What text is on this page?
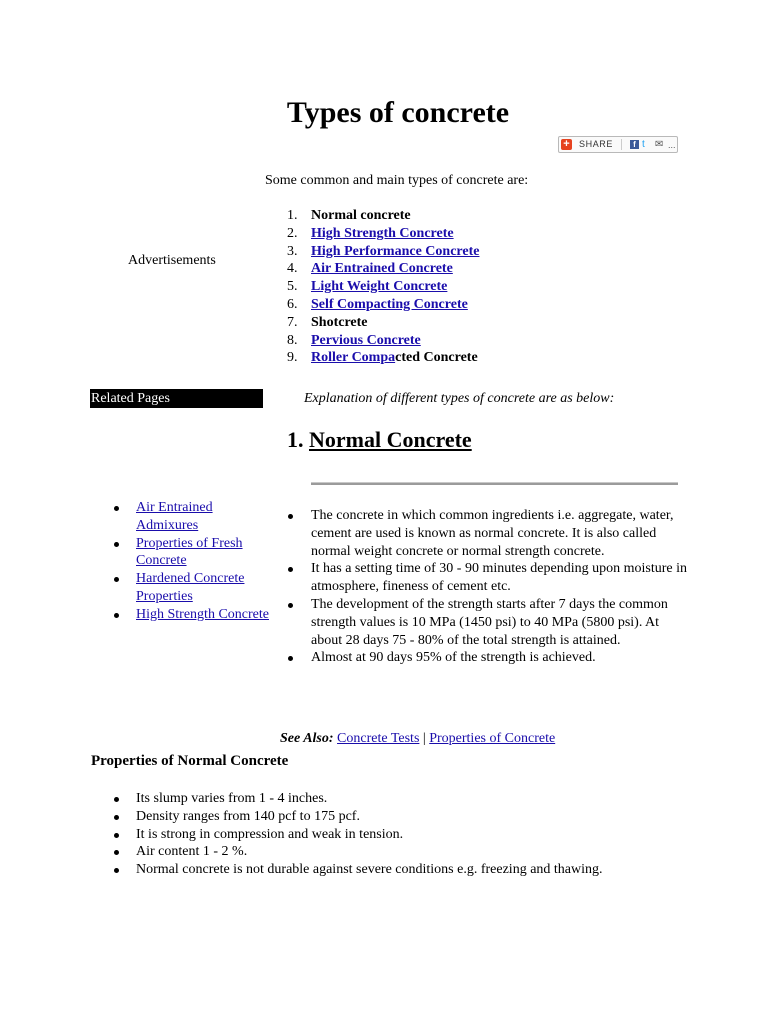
Types of concrete
+ SHARE	f t ✉ ...
Some common and main types of concrete are:
1. Normal concrete
2. High Strength Concrete
3. High Performance Concrete
4. Air Entrained Concrete
5. Light Weight Concrete
6. Self Compacting Concrete
7. Shotcrete
8. Pervious Concrete
9. Roller Compacted Concrete
Advertisements
Related Pages
Air Entrained Admixures
Properties of Fresh Concrete
Hardened Concrete Properties
High Strength Concrete
Explanation of different types of concrete are as below:
1. Normal Concrete
The concrete in which common ingredients i.e. aggregate, water, cement are used is known as normal concrete. It is also called normal weight concrete or normal strength concrete.
It has a setting time of 30 - 90 minutes depending upon moisture in atmosphere, fineness of cement etc.
The development of the strength starts after 7 days the common strength values is 10 MPa (1450 psi) to 40 MPa (5800 psi). At about 28 days 75 - 80% of the total strength is attained.
Almost at 90 days 95% of the strength is achieved.
See Also: Concrete Tests | Properties of Concrete
Properties of Normal Concrete
Its slump varies from 1 - 4 inches.
Density ranges from 140 pcf to 175 pcf.
It is strong in compression and weak in tension.
Air content 1 - 2 %.
Normal concrete is not durable against severe conditions e.g. freezing and thawing.
